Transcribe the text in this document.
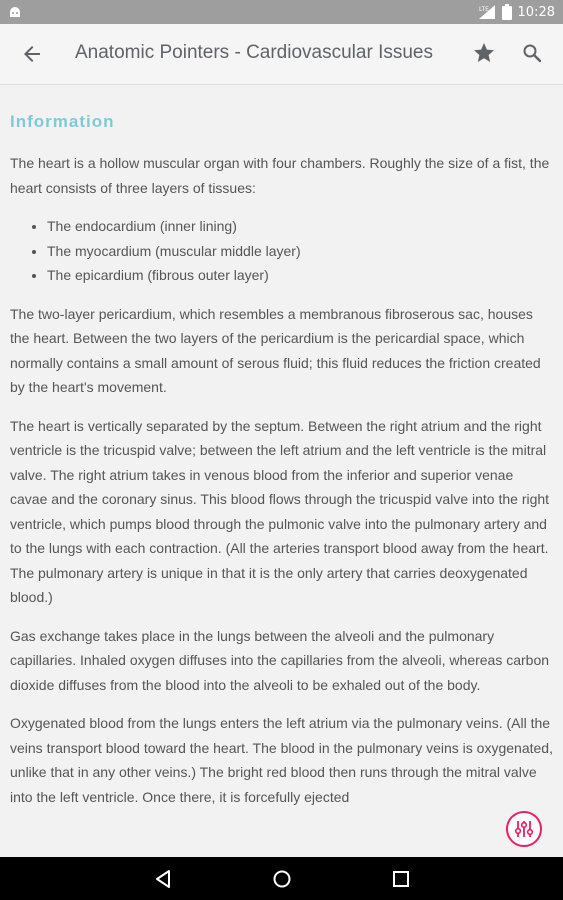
LTE 10:28
Anatomic Pointers - Cardiovascular Issues
Information

The heart is a hollow muscular organ with four chambers. Roughly the size of a fist, the heart consists of three layers of tissues:

• The endocardium (inner lining)
• The myocardium (muscular middle layer)
• The epicardium (fibrous outer layer)

The two-layer pericardium, which resembles a membranous fibroserous sac, houses the heart. Between the two layers of the pericardium is the pericardial space, which normally contains a small amount of serous fluid; this fluid reduces the friction created by the heart's movement.

The heart is vertically separated by the septum. Between the right atrium and the right ventricle is the tricuspid valve; between the left atrium and the left ventricle is the mitral valve. The right atrium takes in venous blood from the inferior and superior venae cavae and the coronary sinus. This blood flows through the tricuspid valve into the right ventricle, which pumps blood through the pulmonic valve into the pulmonary artery and to the lungs with each contraction. (All the arteries transport blood away from the heart. The pulmonary artery is unique in that it is the only artery that carries deoxygenated blood.)

Gas exchange takes place in the lungs between the alveoli and the pulmonary capillaries. Inhaled oxygen diffuses into the capillaries from the alveoli, whereas carbon dioxide diffuses from the blood into the alveoli to be exhaled out of the body.

Oxygenated blood from the lungs enters the left atrium via the pulmonary veins. (All the veins transport blood toward the heart. The blood in the pulmonary veins is oxygenated, unlike that in any other veins.) The bright red blood then runs through the mitral valve into the left ventricle. Once there, it is forcefully ejected
